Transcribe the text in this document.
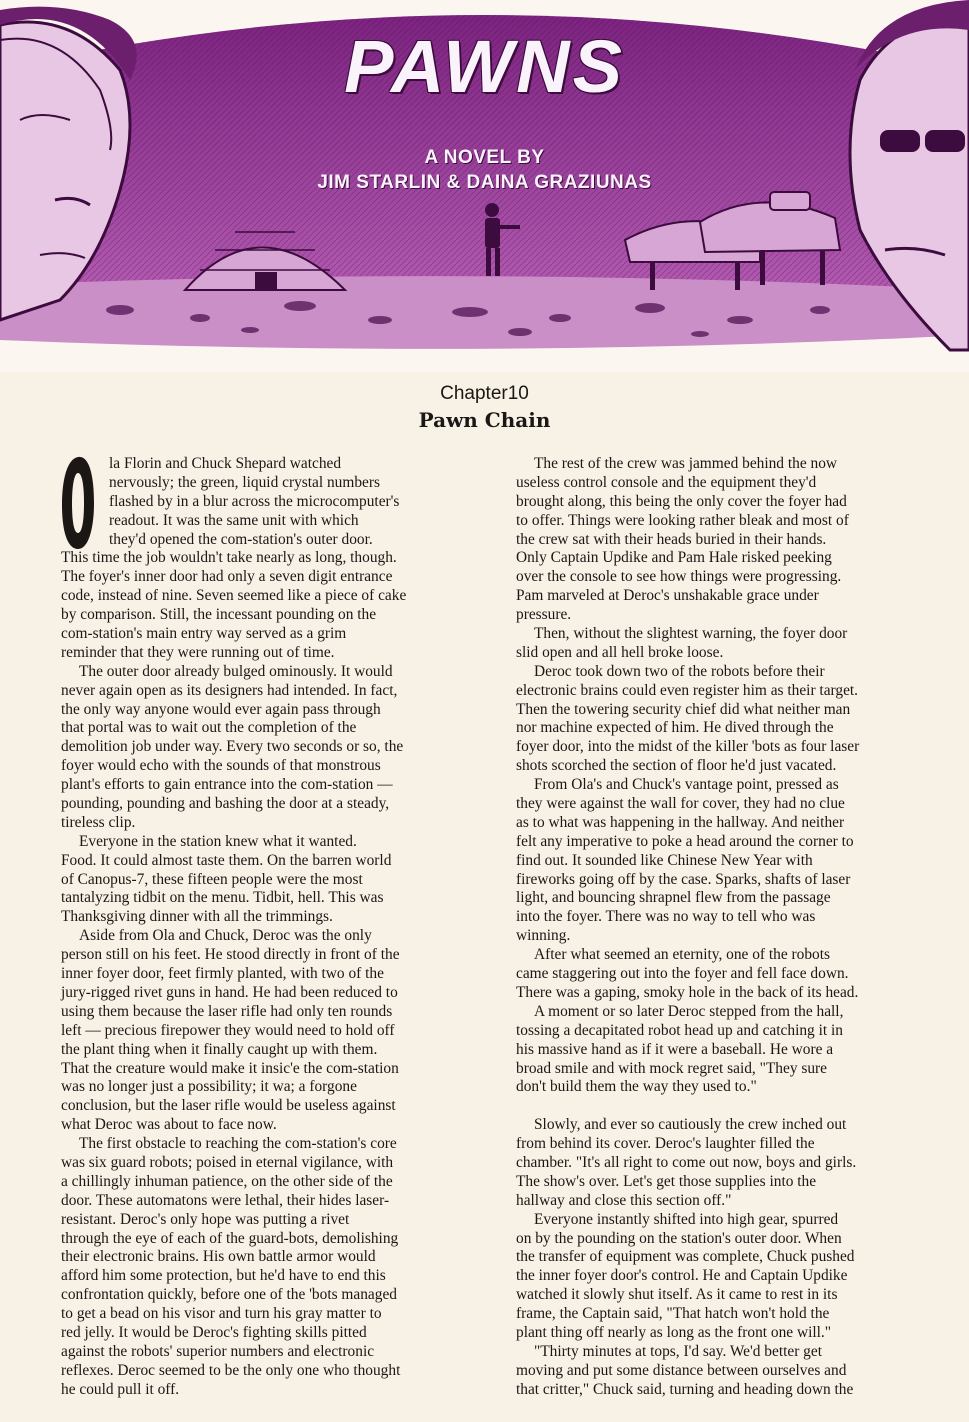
PAWNS
A NOVEL BY
JIM STARLIN & DAINA GRAZIUNAS
Chapter10
Pawn Chain
la Florin and Chuck Shepard watched
nervously; the green, liquid crystal numbers
flashed by in a blur across the microcomputer's
readout. It was the same unit with which
they'd opened the com-station's outer door.
This time the job wouldn't take nearly as long, though.
The foyer's inner door had only a seven digit entrance
code, instead of nine. Seven seemed like a piece of cake
by comparison. Still, the incessant pounding on the
com-station's main entry way served as a grim
reminder that they were running out of time.
The outer door already bulged ominously. It would
never again open as its designers had intended. In fact,
the only way anyone would ever again pass through
that portal was to wait out the completion of the
demolition job under way. Every two seconds or so, the
foyer would echo with the sounds of that monstrous
plant's efforts to gain entrance into the com-station —
pounding, pounding and bashing the door at a steady,
tireless clip.
Everyone in the station knew what it wanted.
Food. It could almost taste them. On the barren world
of Canopus-7, these fifteen people were the most
tantalyzing tidbit on the menu. Tidbit, hell. This was
Thanksgiving dinner with all the trimmings.
Aside from Ola and Chuck, Deroc was the only
person still on his feet. He stood directly in front of the
inner foyer door, feet firmly planted, with two of the
jury-rigged rivet guns in hand. He had been reduced to
using them because the laser rifle had only ten rounds
left — precious firepower they would need to hold off
the plant thing when it finally caught up with them.
That the creature would make it insic'e the com-station
was no longer just a possibility; it wa; a forgone
conclusion, but the laser rifle would be useless against
what Deroc was about to face now.
The first obstacle to reaching the com-station's core
was six guard robots; poised in eternal vigilance, with
a chillingly inhuman patience, on the other side of the
door. These automatons were lethal, their hides laser-
resistant. Deroc's only hope was putting a rivet
through the eye of each of the guard-bots, demolishing
their electronic brains. His own battle armor would
afford him some protection, but he'd have to end this
confrontation quickly, before one of the 'bots managed
to get a bead on his visor and turn his gray matter to
red jelly. It would be Deroc's fighting skills pitted
against the robots' superior numbers and electronic
reflexes. Deroc seemed to be the only one who thought
he could pull it off.
The rest of the crew was jammed behind the now
useless control console and the equipment they'd
brought along, this being the only cover the foyer had
to offer. Things were looking rather bleak and most of
the crew sat with their heads buried in their hands.
Only Captain Updike and Pam Hale risked peeking
over the console to see how things were progressing.
Pam marveled at Deroc's unshakable grace under
pressure.
Then, without the slightest warning, the foyer door
slid open and all hell broke loose.
Deroc took down two of the robots before their
electronic brains could even register him as their target.
Then the towering security chief did what neither man
nor machine expected of him. He dived through the
foyer door, into the midst of the killer 'bots as four laser
shots scorched the section of floor he'd just vacated.
From Ola's and Chuck's vantage point, pressed as
they were against the wall for cover, they had no clue
as to what was happening in the hallway. And neither
felt any imperative to poke a head around the corner to
find out. It sounded like Chinese New Year with
fireworks going off by the case. Sparks, shafts of laser
light, and bouncing shrapnel flew from the passage
into the foyer. There was no way to tell who was
winning.
After what seemed an eternity, one of the robots
came staggering out into the foyer and fell face down.
There was a gaping, smoky hole in the back of its head.
A moment or so later Deroc stepped from the hall,
tossing a decapitated robot head up and catching it in
his massive hand as if it were a baseball. He wore a
broad smile and with mock regret said, "They sure
don't build them the way they used to."
Slowly, and ever so cautiously the crew inched out
from behind its cover. Deroc's laughter filled the
chamber. "It's all right to come out now, boys and girls.
The show's over. Let's get those supplies into the
hallway and close this section off."
Everyone instantly shifted into high gear, spurred
on by the pounding on the station's outer door. When
the transfer of equipment was complete, Chuck pushed
the inner foyer door's control. He and Captain Updike
watched it slowly shut itself. As it came to rest in its
frame, the Captain said, "That hatch won't hold the
plant thing off nearly as long as the front one will."
"Thirty minutes at tops, I'd say. We'd better get
moving and put some distance between ourselves and
that critter," Chuck said, turning and heading down the
